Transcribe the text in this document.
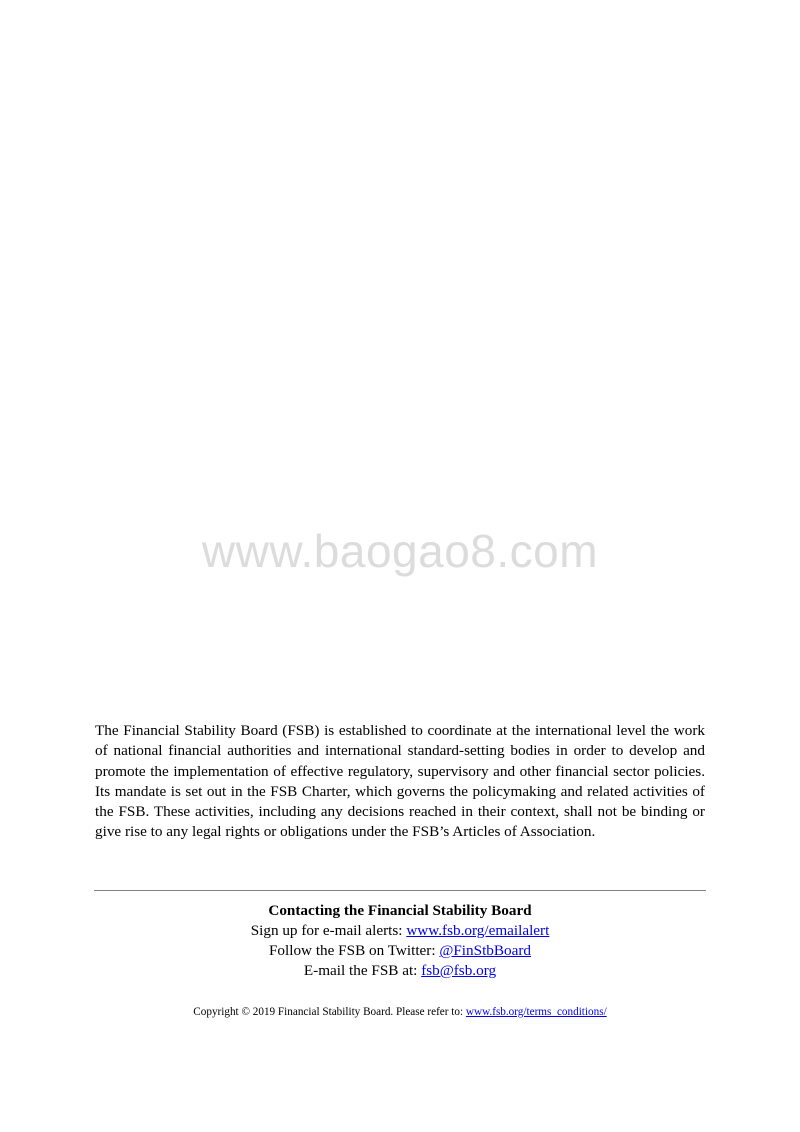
www.baogao8.com

The Financial Stability Board (FSB) is established to coordinate at the international level the work of national financial authorities and international standard-setting bodies in order to develop and promote the implementation of effective regulatory, supervisory and other financial sector policies. Its mandate is set out in the FSB Charter, which governs the policymaking and related activities of the FSB. These activities, including any decisions reached in their context, shall not be binding or give rise to any legal rights or obligations under the FSB’s Articles of Association.

Contacting the Financial Stability Board
Sign up for e-mail alerts: www.fsb.org/emailalert
Follow the FSB on Twitter: @FinStbBoard
E-mail the FSB at: fsb@fsb.org
Copyright © 2019 Financial Stability Board. Please refer to: www.fsb.org/terms_conditions/
